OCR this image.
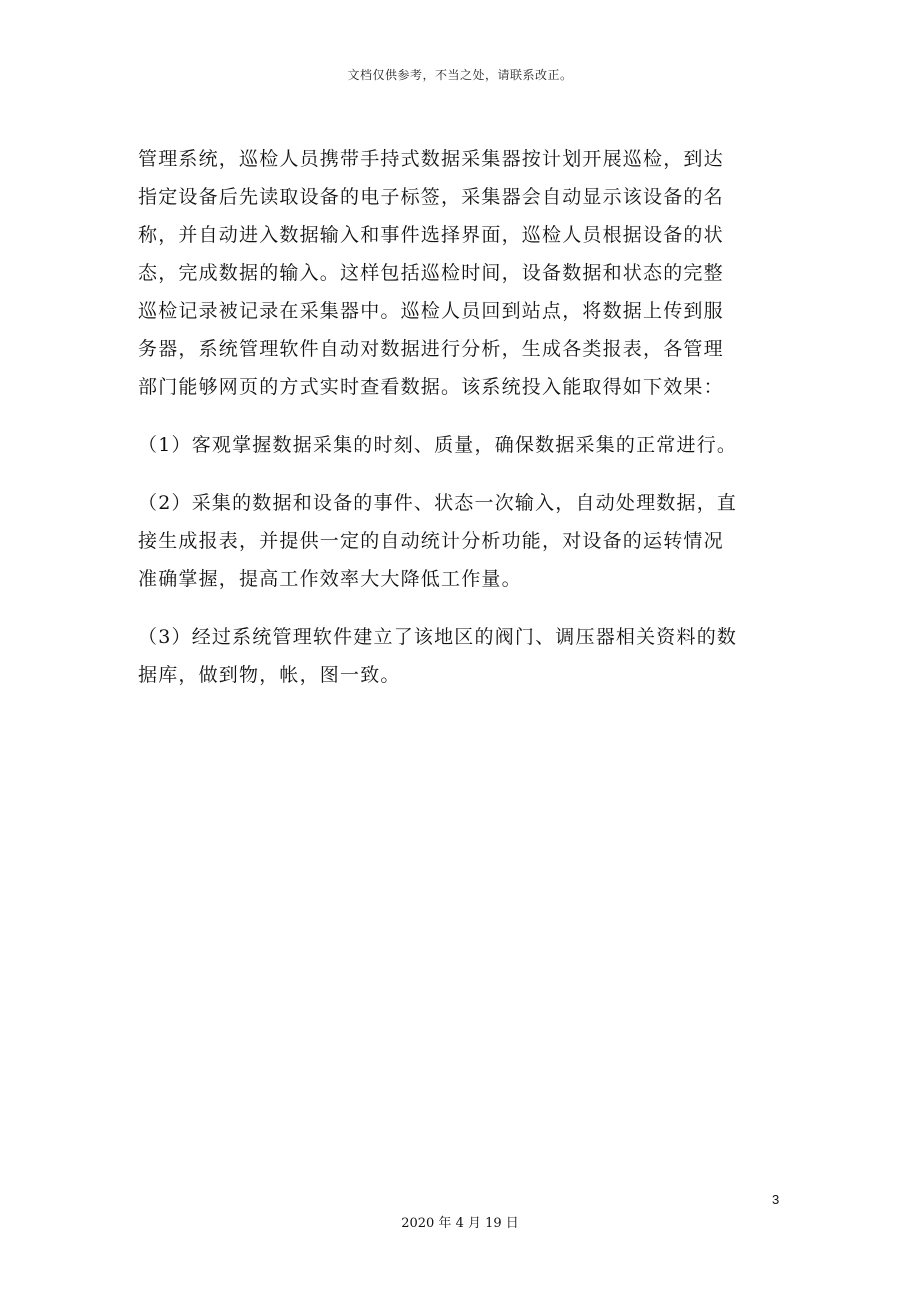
文档仅供参考，不当之处，请联系改正。

管理系统，巡检人员携带手持式数据采集器按计划开展巡检，到达指定设备后先读取设备的电子标签，采集器会自动显示该设备的名称，并自动进入数据输入和事件选择界面，巡检人员根据设备的状态，完成数据的输入。这样包括巡检时间，设备数据和状态的完整巡检记录被记录在采集器中。巡检人员回到站点，将数据上传到服务器，系统管理软件自动对数据进行分析，生成各类报表，各管理部门能够网页的方式实时查看数据。该系统投入能取得如下效果：

（1）客观掌握数据采集的时刻、质量，确保数据采集的正常进行。

（2）采集的数据和设备的事件、状态一次输入，自动处理数据，直接生成报表，并提供一定的自动统计分析功能，对设备的运转情况准确掌握，提高工作效率大大降低工作量。

（3）经过系统管理软件建立了该地区的阀门、调压器相关资料的数据库，做到物，帐，图一致。

3
2020 年 4 月 19 日
